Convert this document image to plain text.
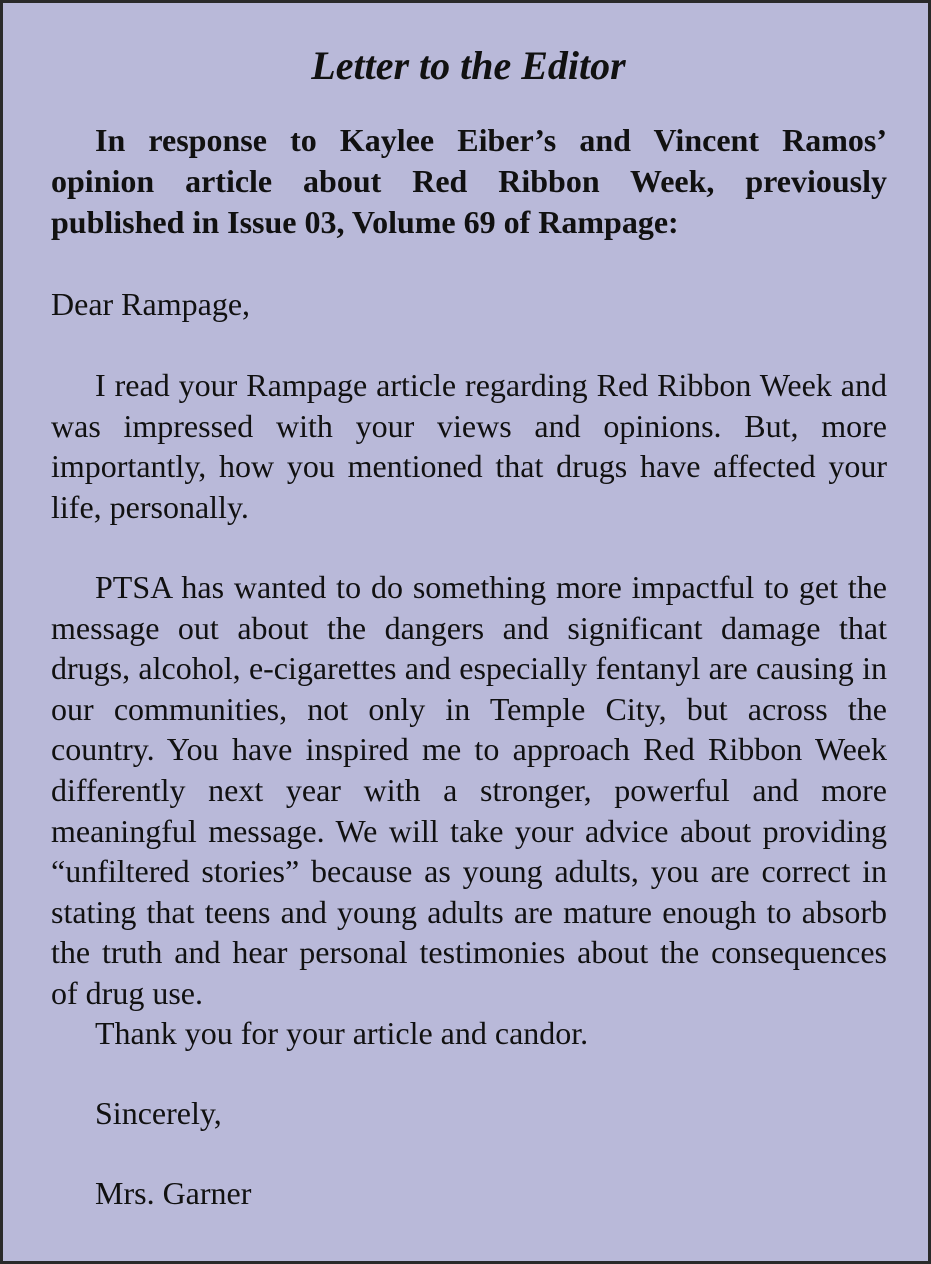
Letter to the Editor

In response to Kaylee Eiber’s and Vincent Ramos’ opinion article about Red Ribbon Week, previously published in Issue 03, Volume 69 of Rampage:

Dear Rampage,

I read your Rampage article regarding Red Ribbon Week and was impressed with your views and opinions. But, more importantly, how you mentioned that drugs have affected your life, personally.

PTSA has wanted to do something more impactful to get the message out about the dangers and significant damage that drugs, alcohol, e-cigarettes and especially fentanyl are causing in our communities, not only in Temple City, but across the country. You have inspired me to approach Red Ribbon Week differently next year with a stronger, powerful and more meaningful message. We will take your advice about providing “unfiltered stories” because as young adults, you are correct in stating that teens and young adults are mature enough to absorb the truth and hear personal testimonies about the consequences of drug use.

Thank you for your article and candor.

Sincerely,

Mrs. Garner
